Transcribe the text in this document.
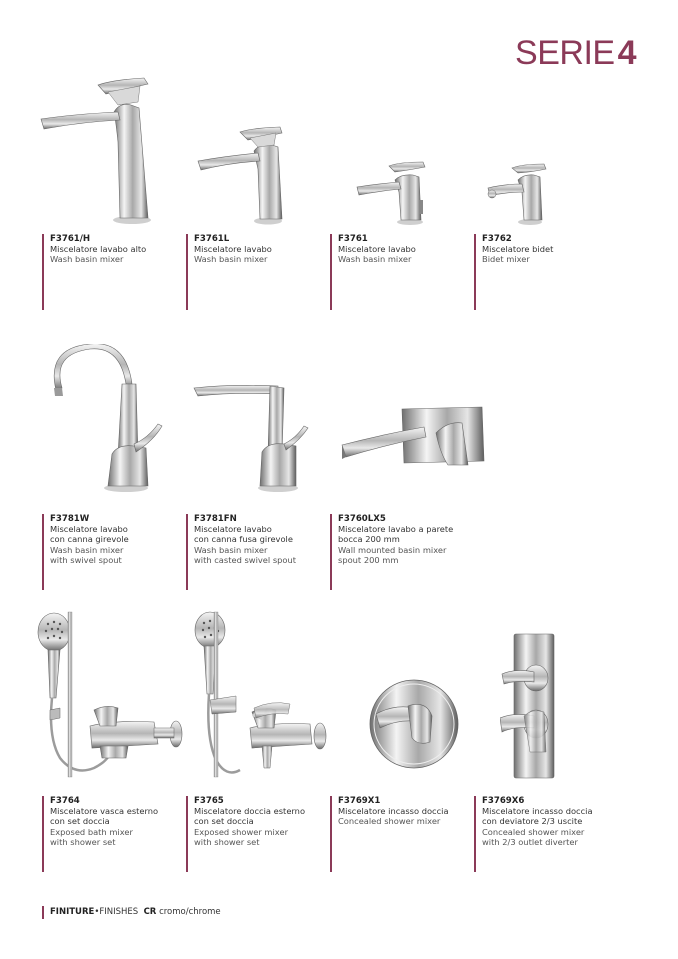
SERIE4
F3761/H
Miscelatore lavabo alto
Wash basin mixer
F3761L
Miscelatore lavabo
Wash basin mixer
F3761
Miscelatore lavabo
Wash basin mixer
F3762
Miscelatore bidet
Bidet mixer
F3781W
Miscelatore lavabo
con canna girevole
Wash basin mixer
with swivel spout
F3781FN
Miscelatore lavabo
con canna fusa girevole
Wash basin mixer
with casted swivel spout
F3760LX5
Miscelatore lavabo a parete
bocca 200 mm
Wall mounted basin mixer
spout 200 mm
F3764
Miscelatore vasca esterno
con set doccia
Exposed bath mixer
with shower set
F3765
Miscelatore doccia esterno
con set doccia
Exposed shower mixer
with shower set
F3769X1
Miscelatore incasso doccia
Concealed shower mixer
F3769X6
Miscelatore incasso doccia
con deviatore 2/3 uscite
Concealed shower mixer
with 2/3 outlet diverter
FINITURE•FINISHES CR cromo/chrome
